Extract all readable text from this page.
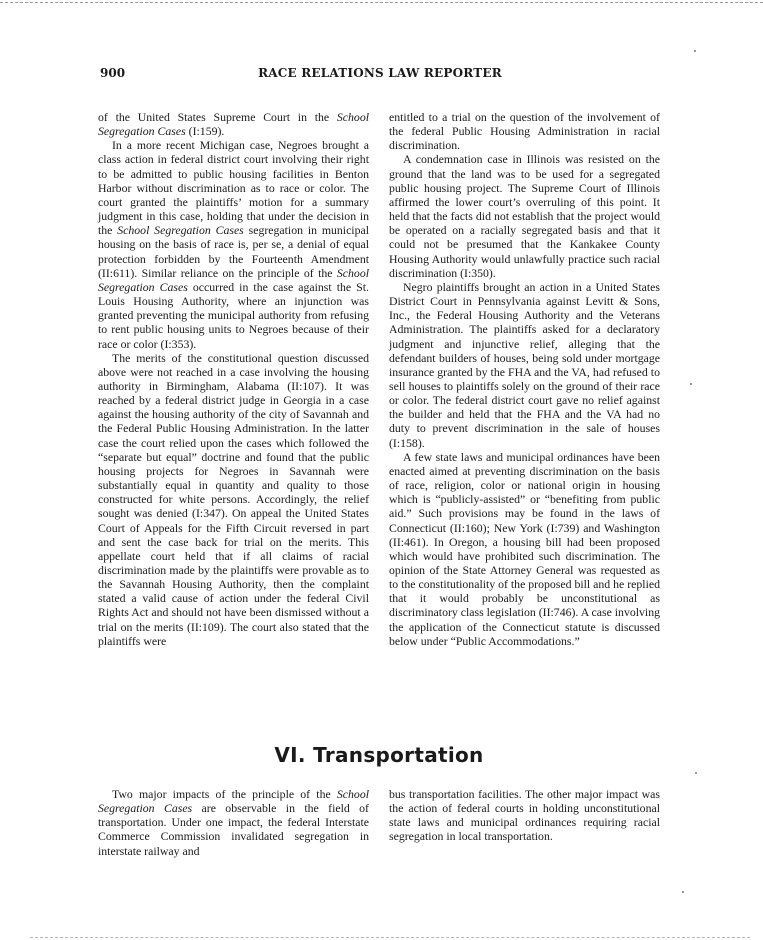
900	RACE RELATIONS LAW REPORTER

of the United States Supreme Court in the School Segregation Cases (I:159).

In a more recent Michigan case, Negroes brought a class action in federal district court involving their right to be admitted to public housing facilities in Benton Harbor without discrimination as to race or color. The court granted the plaintiffs’ motion for a summary judgment in this case, holding that under the decision in the School Segregation Cases segregation in municipal housing on the basis of race is, per se, a denial of equal protection forbidden by the Fourteenth Amendment (II:611). Similar reliance on the principle of the School Segregation Cases occurred in the case against the St. Louis Housing Authority, where an injunction was granted preventing the municipal authority from refusing to rent public housing units to Negroes because of their race or color (I:353).

The merits of the constitutional question discussed above were not reached in a case involving the housing authority in Birmingham, Alabama (II:107). It was reached by a federal district judge in Georgia in a case against the housing authority of the city of Savannah and the Federal Public Housing Administration. In the latter case the court relied upon the cases which followed the “separate but equal” doctrine and found that the public housing projects for Negroes in Savannah were substantially equal in quantity and quality to those constructed for white persons. Accordingly, the relief sought was denied (I:347). On appeal the United States Court of Appeals for the Fifth Circuit reversed in part and sent the case back for trial on the merits. This appellate court held that if all claims of racial discrimination made by the plaintiffs were provable as to the Savannah Housing Authority, then the complaint stated a valid cause of action under the federal Civil Rights Act and should not have been dismissed without a trial on the merits (II:109). The court also stated that the plaintiffs were

entitled to a trial on the question of the involvement of the federal Public Housing Administration in racial discrimination.

A condemnation case in Illinois was resisted on the ground that the land was to be used for a segregated public housing project. The Supreme Court of Illinois affirmed the lower court’s overruling of this point. It held that the facts did not establish that the project would be operated on a racially segregated basis and that it could not be presumed that the Kankakee County Housing Authority would unlawfully practice such racial discrimination (I:350).

Negro plaintiffs brought an action in a United States District Court in Pennsylvania against Levitt & Sons, Inc., the Federal Housing Authority and the Veterans Administration. The plaintiffs asked for a declaratory judgment and injunctive relief, alleging that the defendant builders of houses, being sold under mortgage insurance granted by the FHA and the VA, had refused to sell houses to plaintiffs solely on the ground of their race or color. The federal district court gave no relief against the builder and held that the FHA and the VA had no duty to prevent discrimination in the sale of houses (I:158).

A few state laws and municipal ordinances have been enacted aimed at preventing discrimination on the basis of race, religion, color or national origin in housing which is “publicly-assisted” or “benefiting from public aid.” Such provisions may be found in the laws of Connecticut (II:160); New York (I:739) and Washington (II:461). In Oregon, a housing bill had been proposed which would have prohibited such discrimination. The opinion of the State Attorney General was requested as to the constitutionality of the proposed bill and he replied that it would probably be unconstitutional as discriminatory class legislation (II:746). A case involving the application of the Connecticut statute is discussed below under “Public Accommodations.”

VI. Transportation

Two major impacts of the principle of the School Segregation Cases are observable in the field of transportation. Under one impact, the federal Interstate Commerce Commission invalidated segregation in interstate railway and

bus transportation facilities. The other major impact was the action of federal courts in holding unconstitutional state laws and municipal ordinances requiring racial segregation in local transportation.
